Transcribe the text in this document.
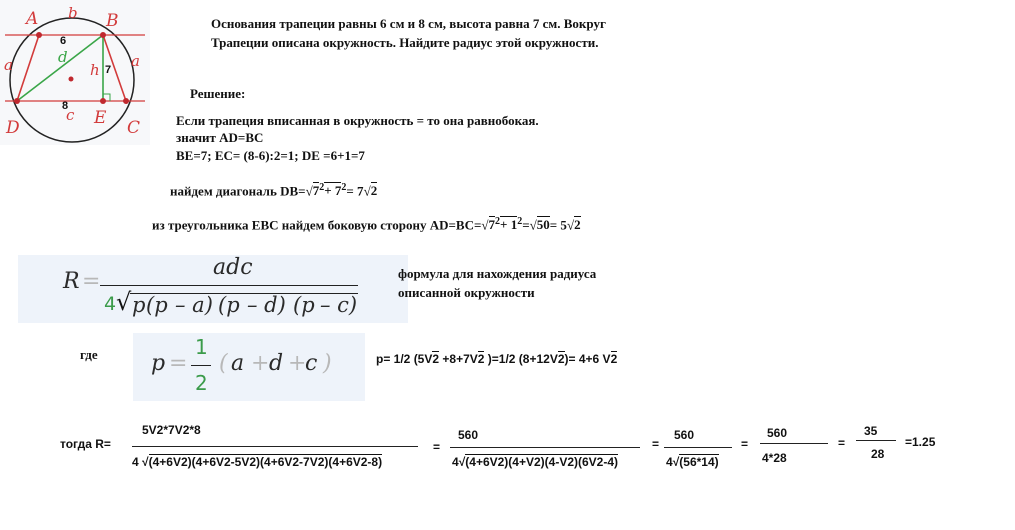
A	B
D	E C
b
a	a
c
d
h
6
8
7
Основания трапеции равны 6 см и 8 см, высота равна 7 см. Вокруг
Трапеции описана окружность. Найдите радиус этой окружности.
Решение:
Если трапеция вписанная в окружность = то она равнобокая.
значит AD=BC
BE=7; EC= (8-6):2=1; DE =6+1=7
найдем диагональ $DB=√7^2+ 7^2= 7√2$
из треугольника EBC найдем боковую сторону $AD=BC=√7^2+ 1^2=√50= 5√2$
R =
adc
4 √ p (p – a) (p – d) (p – c)
формула для нахождения радиуса
описанной окружности
где p =
1
2
( a + d +
c )	p= 1/2 (5V2 +8+7V2 )=1/2 (8+12V2)= 4+6 V2
тогда R=
5V2*7V2*8
4 √(4+6V2)(4+6V2-5V2)(4+6V2-7V2)(4+6V2-8)
=
560
4√(4+6V2)(4+V2)(4-V2)(6V2-4)
=
560
4√(56*14)
=
560
4*28
=
35
28
=1.25
